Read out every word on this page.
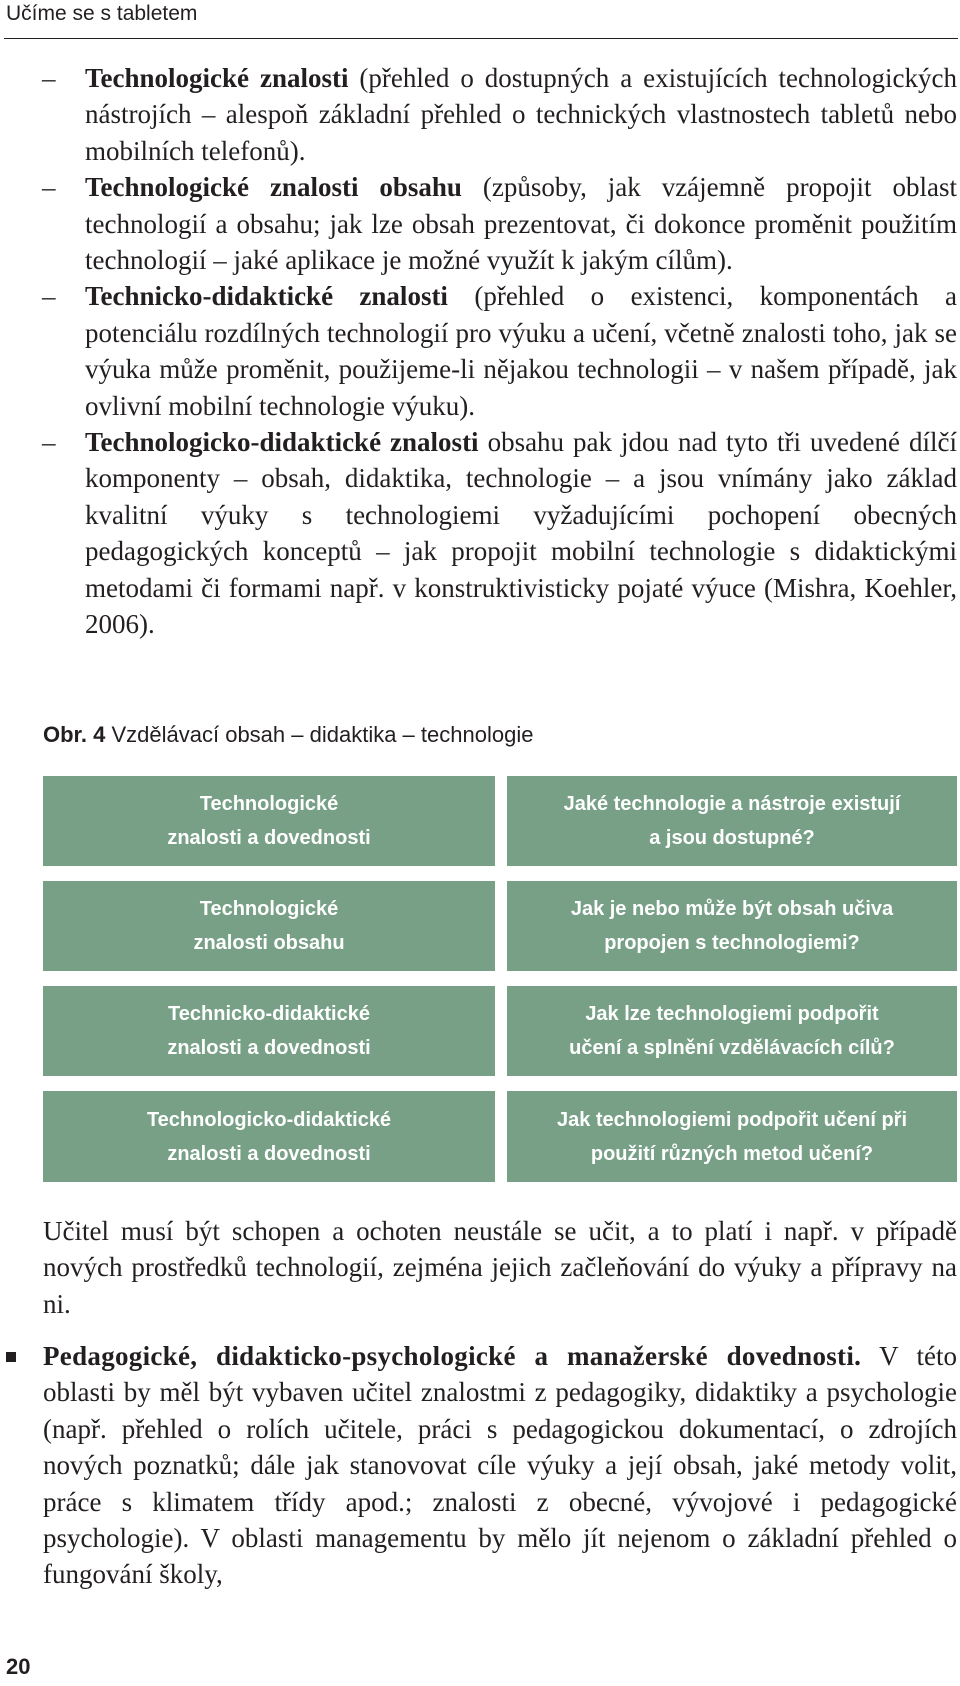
Učíme se s tabletem

–	Technologické znalosti (přehled o dostupných a existujících technologických nástrojích – alespoň základní přehled o technických vlastnostech tabletů nebo mobilních telefonů).

–	Technologické znalosti obsahu (způsoby, jak vzájemně propojit oblast technologií a obsahu; jak lze obsah prezentovat, či dokonce proměnit použitím technologií – jaké aplikace je možné využít k jakým cílům).

–	Technicko-didaktické znalosti (přehled o existenci, komponentách a potenciálu rozdílných technologií pro výuku a učení, včetně znalosti toho, jak se výuka může proměnit, použijeme-li nějakou technologii – v našem případě, jak ovlivní mobilní technologie výuku).

–	Technologicko-didaktické znalosti obsahu pak jdou nad tyto tři uvedené dílčí komponenty – obsah, didaktika, technologie – a jsou vnímány jako základ kvalitní výuky s technologiemi vyžadujícími pochopení obecných pedagogických konceptů – jak propojit mobilní technologie s didaktickými metodami či formami např. v konstruktivisticky pojaté výuce (Mishra, Koehler, 2006).

Obr. 4 Vzdělávací obsah – didaktika – technologie
Technologické
znalosti a dovednosti
Jaké technologie a nástroje existují
a jsou dostupné?
Technologické
znalosti obsahu
Jak je nebo může být obsah učiva
propojen s technologiemi?
Technicko-didaktické
znalosti a dovednosti
Jak lze technologiemi podpořit
učení a splnění vzdělávacích cílů?
Technologicko-didaktické
znalosti a dovednosti
Jak technologiemi podpořit učení při
použití různých metod učení?

Učitel musí být schopen a ochoten neustále se učit, a to platí i např. v případě nových prostředků technologií, zejména jejich začleňování do výuky a přípravy na ni.

Pedagogické, didakticko-psychologické a manažerské dovednosti. V této oblasti by měl být vybaven učitel znalostmi z pedagogiky, didaktiky a psychologie (např. přehled o rolích učitele, práci s pedagogickou dokumentací, o zdrojích nových poznatků; dále jak stanovovat cíle výuky a její obsah, jaké metody volit, práce s klimatem třídy apod.; znalosti z obecné, vývojové i pedagogické psychologie). V oblasti managementu by mělo jít nejenom o základní přehled o fungování školy,

20
